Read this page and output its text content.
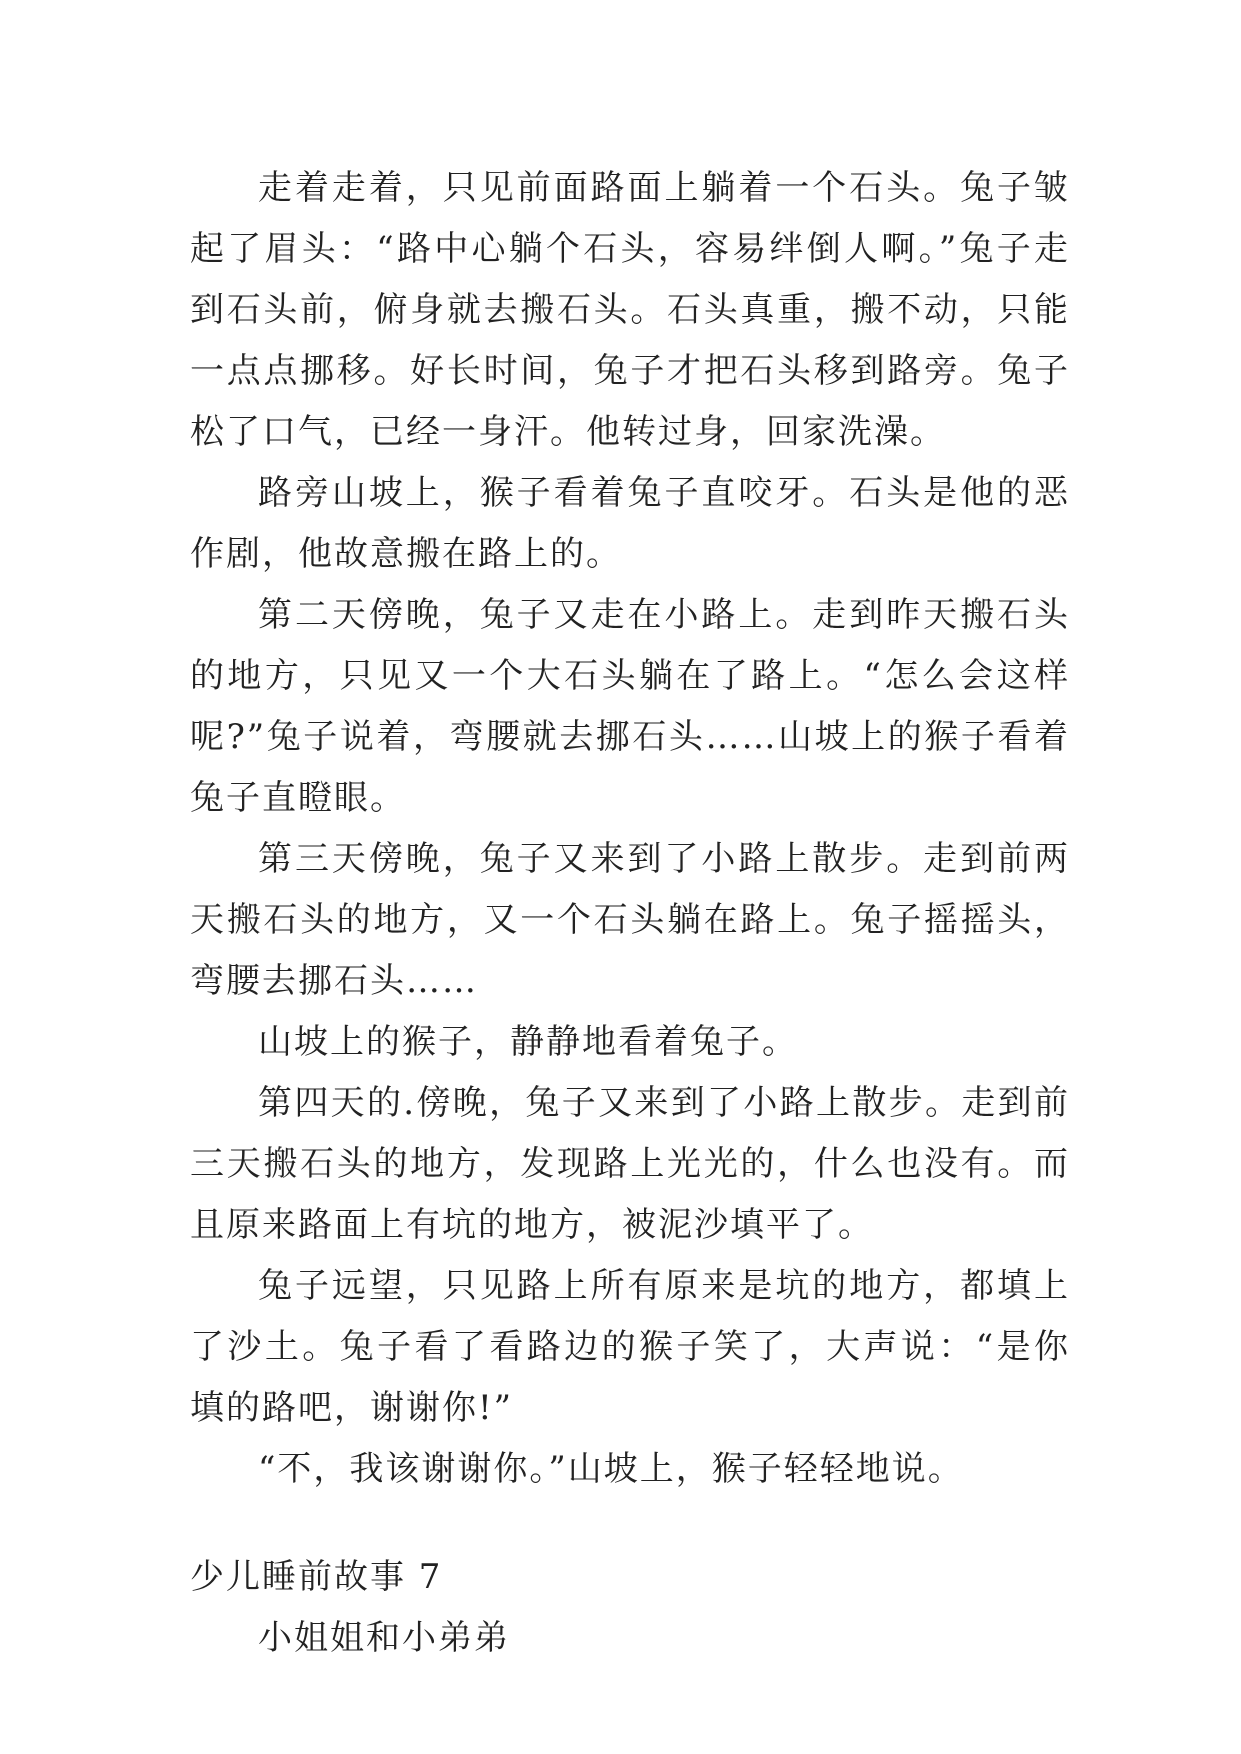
走着走着，只见前面路面上躺着一个石头。兔子皱起了眉头：“路中心躺个石头，容易绊倒人啊。”兔子走到石头前，俯身就去搬石头。石头真重，搬不动，只能一点点挪移。好长时间，兔子才把石头移到路旁。兔子松了口气，已经一身汗。他转过身，回家洗澡。

路旁山坡上，猴子看着兔子直咬牙。石头是他的恶作剧，他故意搬在路上的。

第二天傍晚，兔子又走在小路上。走到昨天搬石头的地方，只见又一个大石头躺在了路上。“怎么会这样呢?”兔子说着，弯腰就去挪石头……山坡上的猴子看着兔子直瞪眼。

第三天傍晚，兔子又来到了小路上散步。走到前两天搬石头的地方，又一个石头躺在路上。兔子摇摇头，弯腰去挪石头……

山坡上的猴子，静静地看着兔子。

第四天的.傍晚，兔子又来到了小路上散步。走到前三天搬石头的地方，发现路上光光的，什么也没有。而且原来路面上有坑的地方，被泥沙填平了。

兔子远望，只见路上所有原来是坑的地方，都填上了沙土。兔子看了看路边的猴子笑了，大声说：“是你填的路吧，谢谢你!”

“不，我该谢谢你。”山坡上，猴子轻轻地说。

少儿睡前故事 7

小姐姐和小弟弟
